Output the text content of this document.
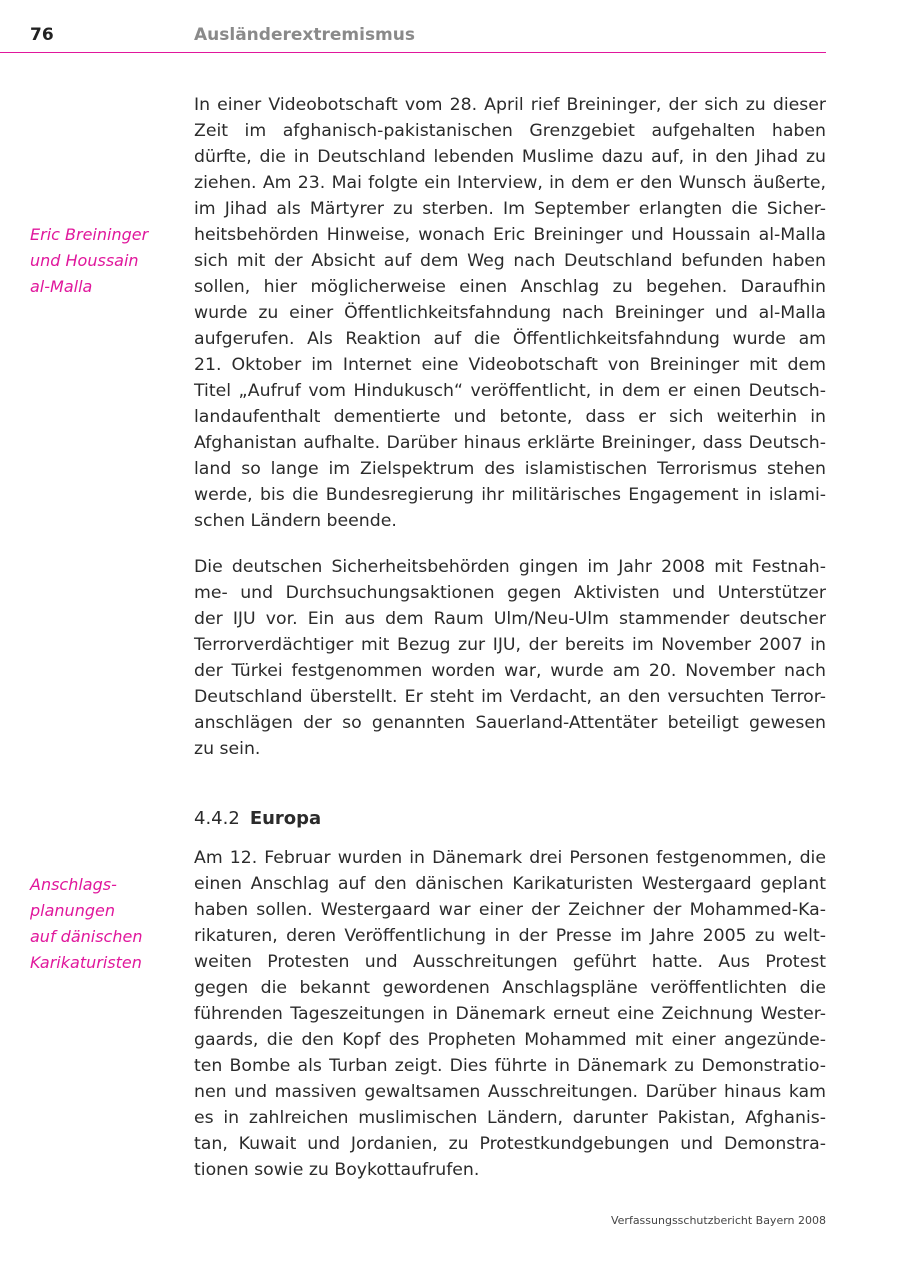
76	Ausländerextremismus
Eric Breininger
und Houssain
al-Malla
In einer Videobotschaft vom 28. April rief Breininger, der sich zu dieser
Zeit im afghanisch-pakistanischen Grenzgebiet aufgehalten haben
dürfte, die in Deutschland lebenden Muslime dazu auf, in den Jihad zu
ziehen. Am 23. Mai folgte ein Interview, in dem er den Wunsch äußerte,
im Jihad als Märtyrer zu sterben. Im September erlangten die Sicher-
heitsbehörden Hinweise, wonach Eric Breininger und Houssain al-Malla
sich mit der Absicht auf dem Weg nach Deutschland befunden haben
sollen, hier möglicherweise einen Anschlag zu begehen. Daraufhin
wurde zu einer Öffentlichkeitsfahndung nach Breininger und al-Malla
aufgerufen. Als Reaktion auf die Öffentlichkeitsfahndung wurde am
21. Oktober im Internet eine Videobotschaft von Breininger mit dem
Titel „Aufruf vom Hindukusch“ veröffentlicht, in dem er einen Deutsch-
landaufenthalt dementierte und betonte, dass er sich weiterhin in
Afghanistan aufhalte. Darüber hinaus erklärte Breininger, dass Deutsch-
land so lange im Zielspektrum des islamistischen Terrorismus stehen
werde, bis die Bundesregierung ihr militärisches Engagement in islami-
schen Ländern beende.
Die deutschen Sicherheitsbehörden gingen im Jahr 2008 mit Festnah-
me- und Durchsuchungsaktionen gegen Aktivisten und Unterstützer
der IJU vor. Ein aus dem Raum Ulm/Neu-Ulm stammender deutscher
Terrorverdächtiger mit Bezug zur IJU, der bereits im November 2007 in
der Türkei festgenommen worden war, wurde am 20. November nach
Deutschland überstellt. Er steht im Verdacht, an den versuchten Terror-
anschlägen der so genannten Sauerland-Attentäter beteiligt gewesen
zu sein.
4.4.2 Europa
Anschlags-
planungen
auf dänischen
Karikaturisten
Am 12. Februar wurden in Dänemark drei Personen festgenommen, die
einen Anschlag auf den dänischen Karikaturisten Westergaard geplant
haben sollen. Westergaard war einer der Zeichner der Mohammed-Ka-
rikaturen, deren Veröffentlichung in der Presse im Jahre 2005 zu welt-
weiten Protesten und Ausschreitungen geführt hatte. Aus Protest
gegen die bekannt gewordenen Anschlagspläne veröffentlichten die
führenden Tageszeitungen in Dänemark erneut eine Zeichnung Wester-
gaards, die den Kopf des Propheten Mohammed mit einer angezünde-
ten Bombe als Turban zeigt. Dies führte in Dänemark zu Demonstratio-
nen und massiven gewaltsamen Ausschreitungen. Darüber hinaus kam
es in zahlreichen muslimischen Ländern, darunter Pakistan, Afghanis-
tan, Kuwait und Jordanien, zu Protestkundgebungen und Demonstra-
tionen sowie zu Boykottaufrufen.
Verfassungsschutzbericht Bayern 2008
